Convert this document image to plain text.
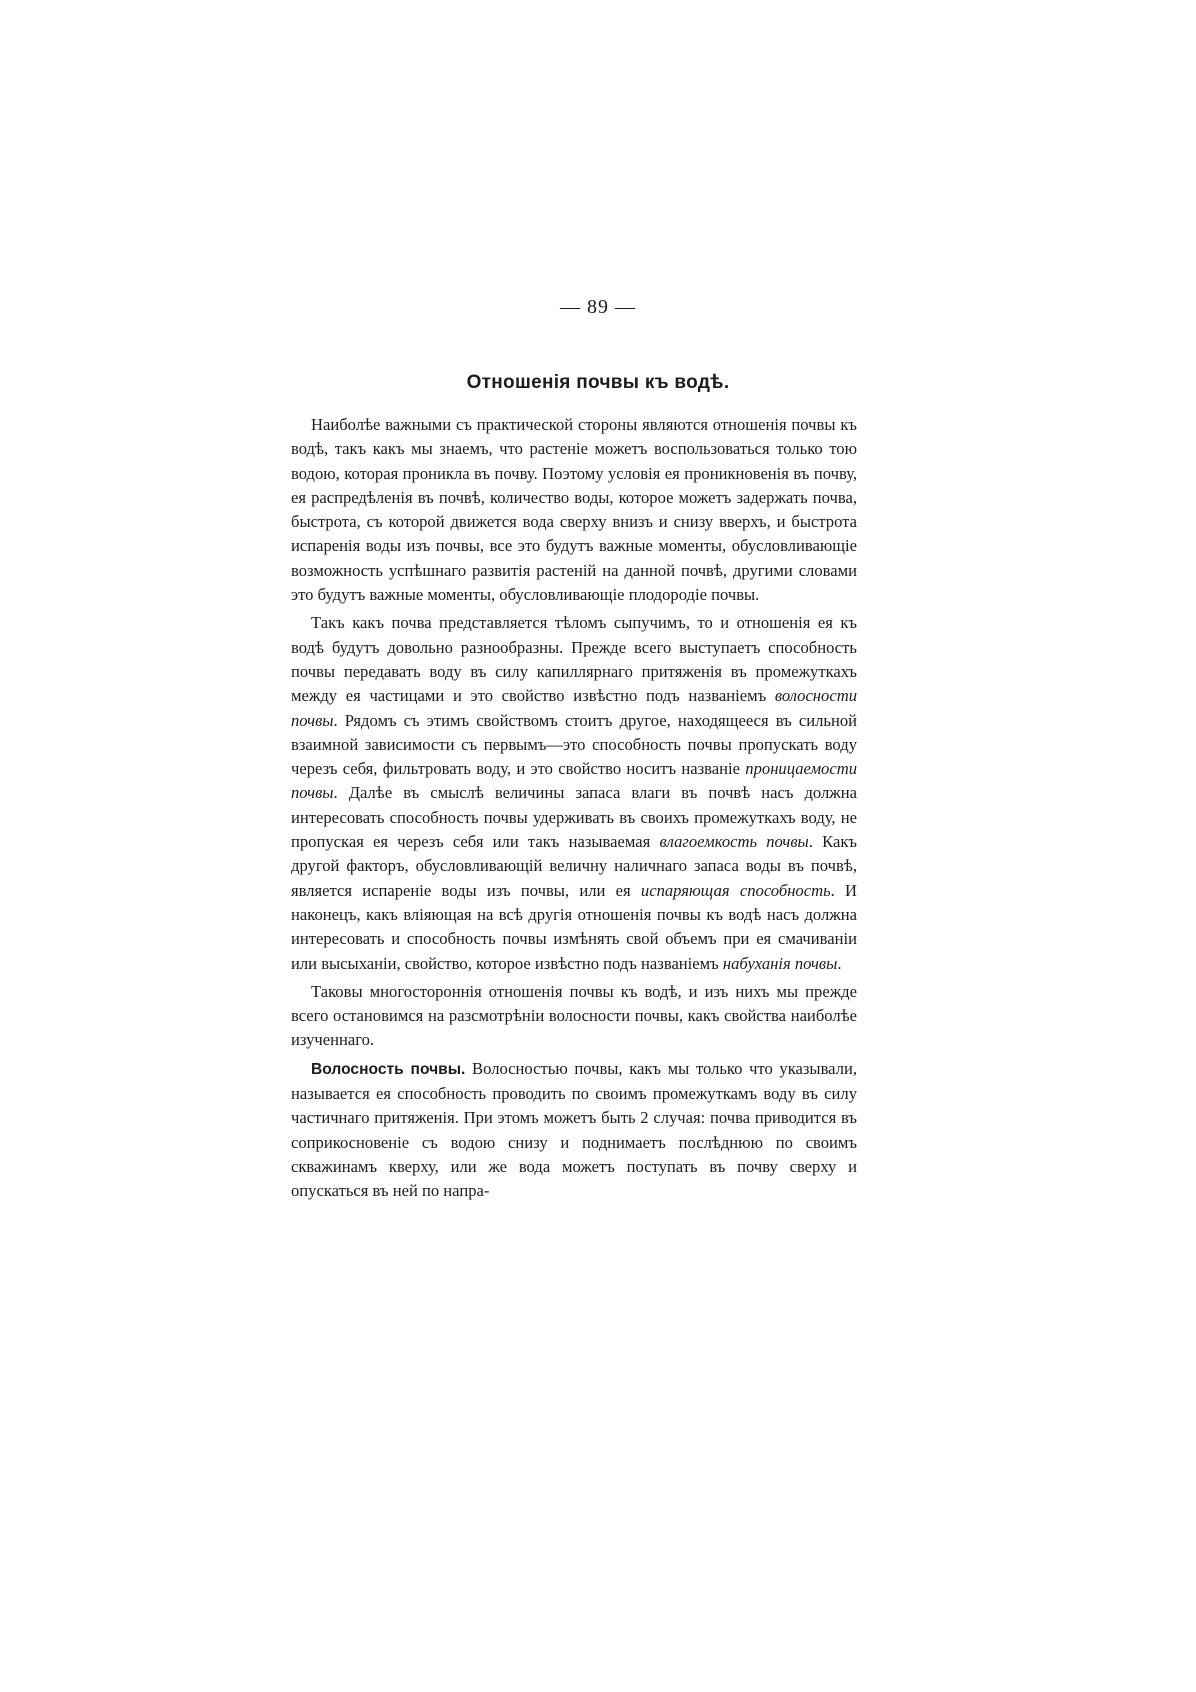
— 89 —
Отношенія почвы къ водѣ.

Наиболѣе важными съ практической стороны являются отношенія почвы къ водѣ, такъ какъ мы знаемъ, что растеніе можетъ воспользоваться только тою водою, которая проникла въ почву. Поэтому условія ея проникновенія въ почву, ея распредѣленія въ почвѣ, количество воды, которое можетъ задержать почва, быстрота, съ которой движется вода сверху внизъ и снизу вверхъ, и быстрота испаренія воды изъ почвы, все это будутъ важные моменты, обусловливающіе возможность успѣшнаго развитія растеній на данной почвѣ, другими словами это будутъ важные моменты, обусловливающіе плодородіе почвы.

Такъ какъ почва представляется тѣломъ сыпучимъ, то и отношенія ея къ водѣ будутъ довольно разнообразны. Прежде всего выступаетъ способность почвы передавать воду въ силу капиллярнаго притяженія въ промежуткахъ между ея частицами и это свойство извѣстно подъ названіемъ волосности почвы. Рядомъ съ этимъ свойствомъ стоитъ другое, находящееся въ сильной взаимной зависимости съ первымъ—это способность почвы пропускать воду черезъ себя, фильтровать воду, и это свойство носитъ названіе проницаемости почвы. Далѣе въ смыслѣ величины запаса влаги въ почвѣ насъ должна интересовать способность почвы удерживать въ своихъ промежуткахъ воду, не пропуская ея черезъ себя или такъ называемая влагоемкость почвы. Какъ другой факторъ, обусловливающій величну наличнаго запаса воды въ почвѣ, является испареніе воды изъ почвы, или ея испаряющая способность. И наконецъ, какъ вліяющая на всѣ другія отношенія почвы къ водѣ насъ должна интересовать и способность почвы измѣнять свой объемъ при ея смачиваніи или высыханіи, свойство, которое извѣстно подъ названіемъ набуханія почвы.

Таковы многостороннія отношенія почвы къ водѣ, и изъ нихъ мы прежде всего остановимся на разсмотрѣніи волосности почвы, какъ свойства наиболѣе изученнаго.

Волосность почвы. Волосностью почвы, какъ мы только что указывали, называется ея способность проводить по своимъ промежуткамъ воду въ силу частичнаго притяженія. При этомъ можетъ быть 2 случая: почва приводится въ соприкосновеніе съ водою снизу и поднимаетъ послѣднюю по своимъ скважинамъ кверху, или же вода можетъ поступать въ почву сверху и опускаться въ ней по напра-
